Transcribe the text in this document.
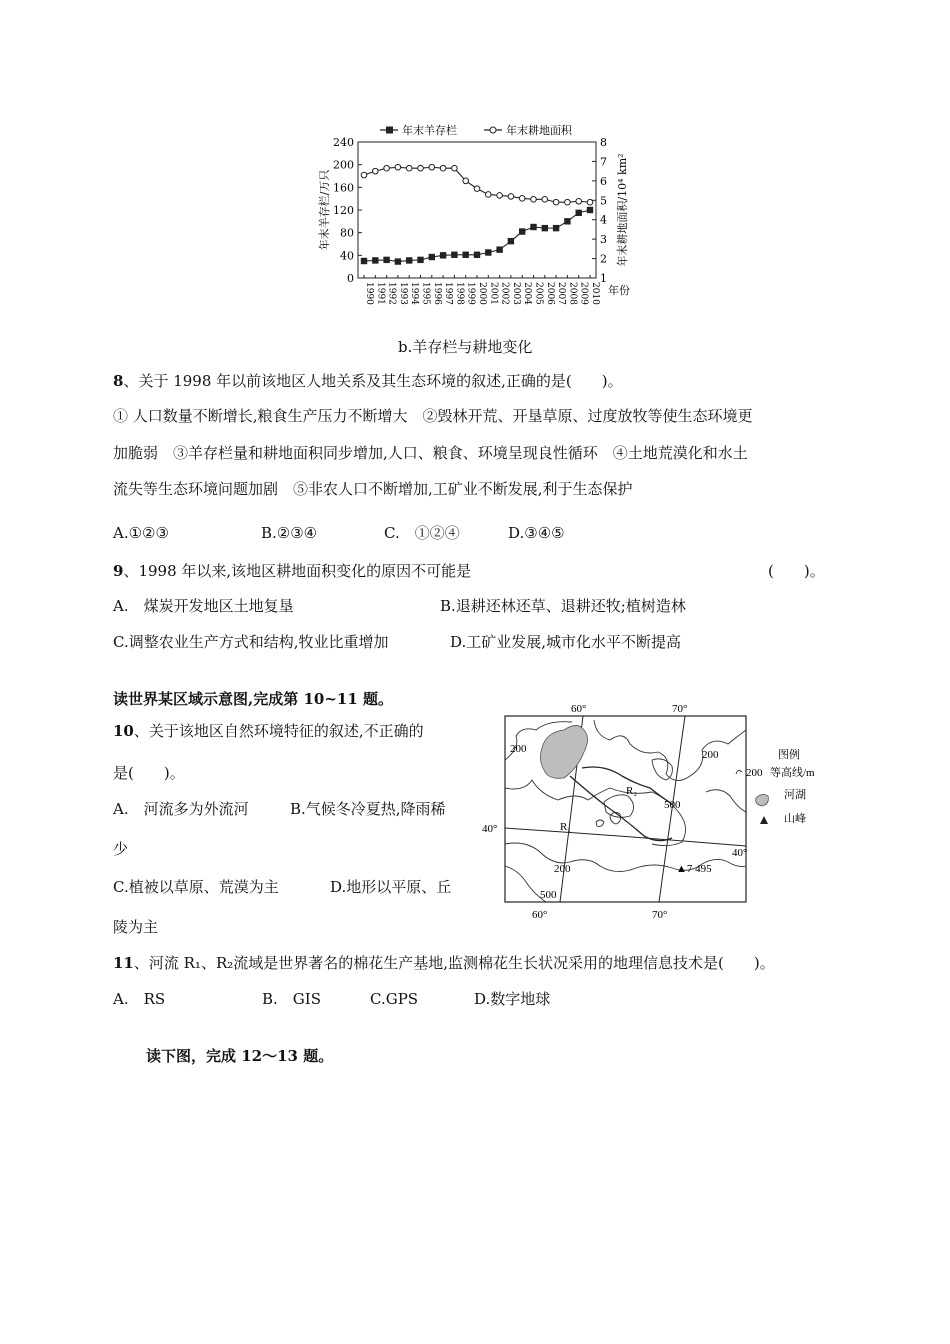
年末羊存栏	年末耕地面积
0
40
80
120
160
200
240
1
2
3
4
5
6
7
8
1990 1991 1992 1993 1994 1995 1996 1997 1998 1999 2000 2001 2002 2003 2004 2005 2006 2007 2008 2009 2010
年末羊存栏/万只	年末耕地面积/10⁴ km²
年份
b.羊存栏与耕地变化
8、关于 1998 年以前该地区人地关系及其生态环境的叙述,正确的是(　　)。
① 人口数量不断增长,粮食生产压力不断增大　②毁林开荒、开垦草原、过度放牧等使生态环境更
加脆弱　③羊存栏量和耕地面积同步增加,人口、粮食、环境呈现良性循环　④土地荒漠化和水土
流失等生态环境问题加剧　⑤非农人口不断增加,工矿业不断发展,利于生态保护
A.①②③	B.②③④	C.　①②④	D.③④⑤
9、1998 年以来,该地区耕地面积变化的原因不可能是	(　　)。
A.　煤炭开发地区土地复垦	B.退耕还林还草、退耕还牧;植树造林
C.调整农业生产方式和结构,牧业比重增加	D.工矿业发展,城市化水平不断提高
读世界某区域示意图,完成第 10~11 题。
10、关于该地区自然环境特征的叙述,不正确的
是(　　)。
A.　河流多为外流河	B.气候冬冷夏热,降雨稀
少
C.植被以草原、荒漠为主	D.地形以平原、丘
陵为主
60°	70°
60°	70°
40°
40°
200	200
200
500
500
R₁
R₂
▲7 495
图例
200 等高线/m
河湖
山峰
11、河流 R₁、R₂流域是世界著名的棉花生产基地,监测棉花生长状况采用的地理信息技术是(　　)。
A.　RS	B.　GIS	C.GPS	D.数字地球
读下图，完成 12～13 题。
